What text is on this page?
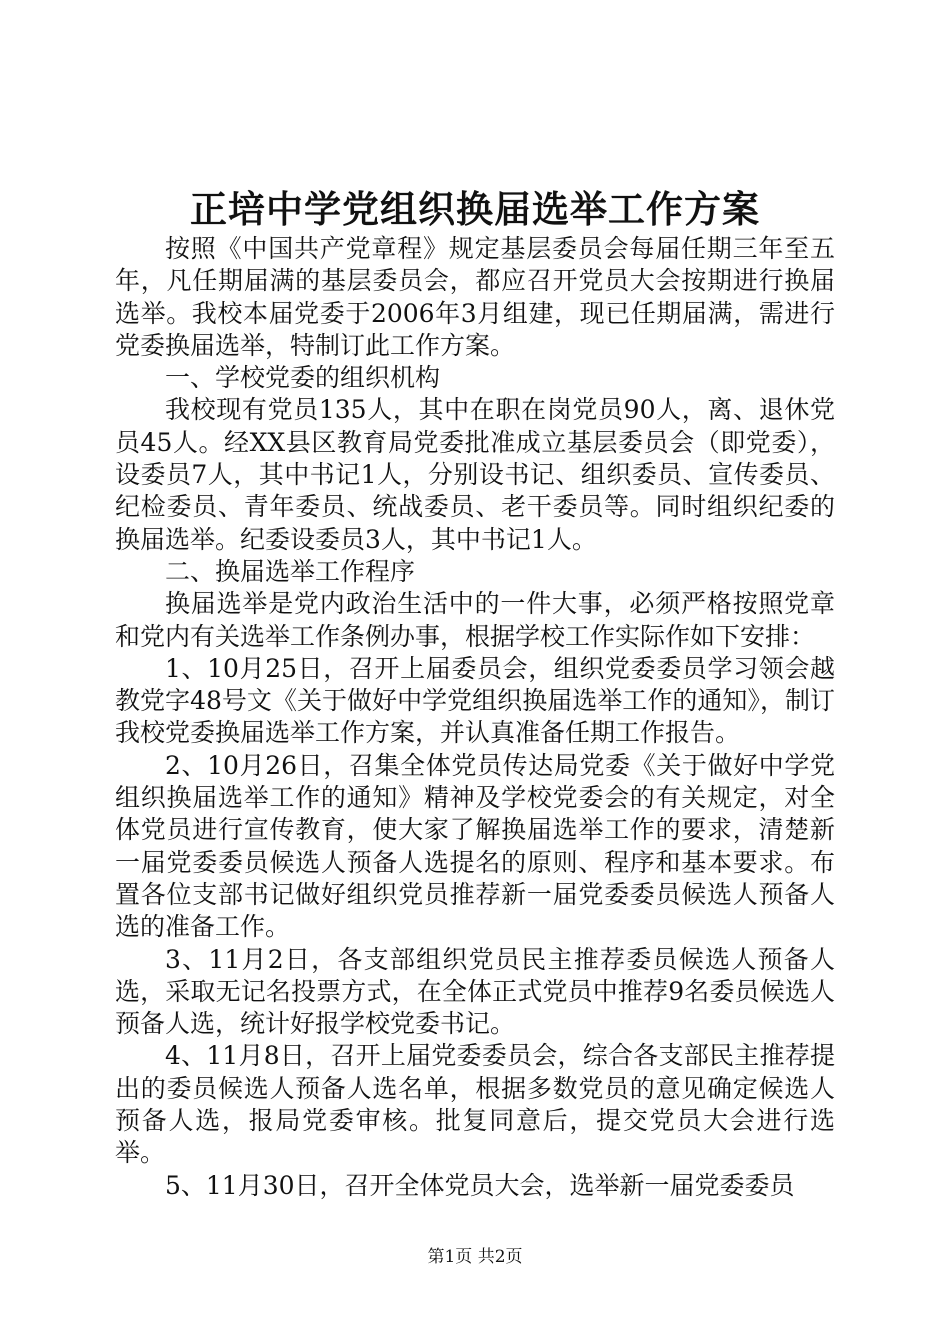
正培中学党组织换届选举工作方案

按照《中国共产党章程》规定基层委员会每届任期三年至五年，凡任期届满的基层委员会，都应召开党员大会按期进行换届选举。我校本届党委于2006年3月组建，现已任期届满，需进行党委换届选举，特制订此工作方案。

一、学校党委的组织机构

我校现有党员135人，其中在职在岗党员90人，离、退休党员45人。经XX县区教育局党委批准成立基层委员会（即党委），设委员7人，其中书记1人，分别设书记、组织委员、宣传委员、纪检委员、青年委员、统战委员、老干委员等。同时组织纪委的换届选举。纪委设委员3人，其中书记1人。

二、换届选举工作程序

换届选举是党内政治生活中的一件大事，必须严格按照党章和党内有关选举工作条例办事，根据学校工作实际作如下安排：

1、10月25日，召开上届委员会，组织党委委员学习领会越教党字48号文《关于做好中学党组织换届选举工作的通知》，制订我校党委换届选举工作方案，并认真准备任期工作报告。

2、10月26日，召集全体党员传达局党委《关于做好中学党组织换届选举工作的通知》精神及学校党委会的有关规定，对全体党员进行宣传教育，使大家了解换届选举工作的要求，清楚新一届党委委员候选人预备人选提名的原则、程序和基本要求。布置各位支部书记做好组织党员推荐新一届党委委员候选人预备人选的准备工作。

3、11月2日，各支部组织党员民主推荐委员候选人预备人选，采取无记名投票方式，在全体正式党员中推荐9名委员候选人预备人选，统计好报学校党委书记。

4、11月8日，召开上届党委委员会，综合各支部民主推荐提出的委员候选人预备人选名单，根据多数党员的意见确定候选人预备人选，报局党委审核。批复同意后，提交党员大会进行选举。

5、11月30日，召开全体党员大会，选举新一届党委委员

第1页 共2页
